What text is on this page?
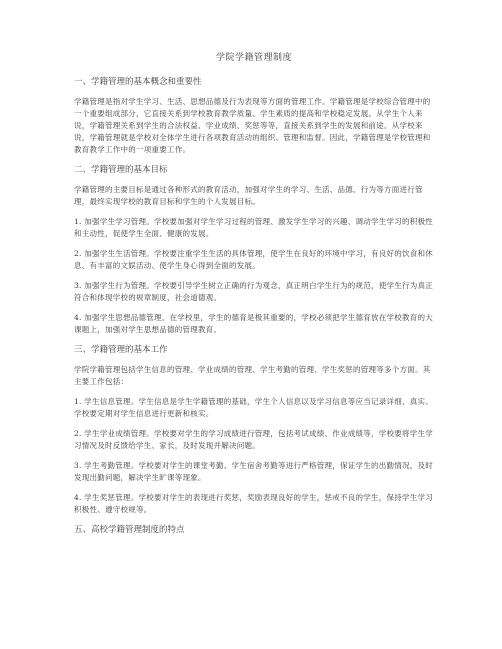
学院学籍管理制度
一、学籍管理的基本概念和重要性

学籍管理是指对学生学习、生活、思想品德及行为表现等方面的管理工作。学籍管理是学校综合管理中的一个重要组成部分，它直接关系到学校教育教学质量、学生素质的提高和学校稳定发展。从学生个人来说，学籍管理关系到学生的合法权益、学业成绩、奖惩等等，直接关系到学生的发展和前途。从学校来说，学籍管理就是学校对全体学生进行各项教育活动的组织、管理和监督。因此，学籍管理是学校管理和教育教学工作中的一项重要工作。

二、学籍管理的基本目标

学籍管理的主要目标是通过各种形式的教育活动，加强对学生的学习、生活、品德、行为等方面进行管理，最终实现学校的教育目标和学生的个人发展目标。

1. 加强学生学习管理。学校要加强对学生学习过程的管理、激发学生学习的兴趣、调动学生学习的积极性和主动性，促使学生全面、健康的发展。

2. 加强学生生活管理。学校要注重学生生活的具体管理，使学生在良好的环境中学习，有良好的饮食和休息、有丰富的文娱活动、使学生身心得到全面的发展。

3. 加强学生行为管理。学校要引导学生树立正确的行为观念，真正明白学生行为的规范，使学生行为真正符合和体现学校的规章制度，社会道德观。

4. 加强学生思想品德管理。在学校里，学生的德育是极其重要的，学校必须把学生德育放在学校教育的大课题上，加强对学生思想品德的管理教育。

三、学籍管理的基本工作

学院学籍管理包括学生信息的管理、学业成绩的管理、学生考勤的管理、学生奖惩的管理等多个方面。其主要工作包括：

1. 学生信息管理。学生信息是学生学籍管理的基础，学生个人信息以及学习信息等应当记录详细、真实。学校要定期对学生信息进行更新和核实。

2. 学生学业成绩管理。学校要对学生的学习成绩进行管理，包括考试成绩、作业成绩等，学校要将学生学习情况及时反馈给学生、家长，及时发现并解决问题。

3. 学生考勤管理。学校要对学生的课堂考勤、学生宿舍考勤等进行严格管理，保证学生的出勤情况，及时发现出勤问题，解决学生旷课等现象。

4. 学生奖惩管理。学校要对学生的表现进行奖惩，奖励表现良好的学生，惩戒不良的学生，保持学生学习积极性、遵守校规等。

五、高校学籍管理制度的特点
